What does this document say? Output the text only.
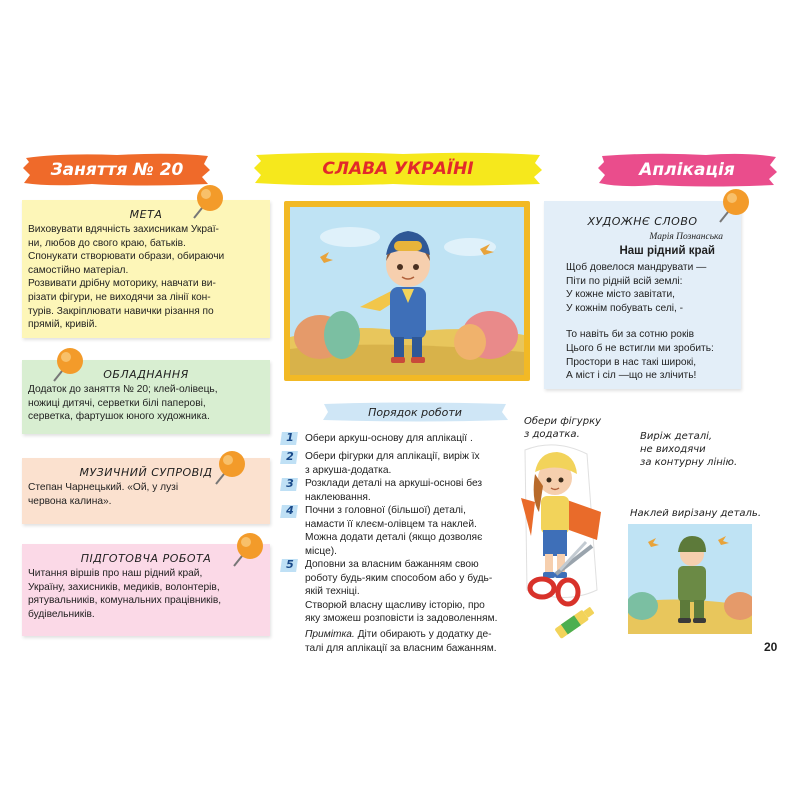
Заняття № 20	СЛАВА УКРАЇНІ	Аплікація
МЕТА
Виховувати вдячність захисникам Украї-
ни, любов до свого краю, батьків.
Спонукати створювати образи, обираючи
самостійно матеріал.
Розвивати дрібну моторику, навчати ви-
різати фігури, не виходячи за лінії кон-
турів. Закріплювати навички різання по
прямій, кривій.
ОБЛАДНАННЯ
Додаток до заняття № 20; клей-олівець,
ножиці дитячі, серветки білі паперові,
серветка, фартушок юного художника.
МУЗИЧНИЙ СУПРОВІД
Степан Чарнецький. «Ой, у лузі
червона калина».
ПІДГОТОВЧА РОБОТА
Читання віршів про наш рідний край,
Україну, захисників, медиків, волонтерів,
рятувальників, комунальних працівників,
будівельників.
ХУДОЖНЄ СЛОВО
Марія Познанська
Наш рідний край
Щоб довелося мандрувати —
Піти по рідній всій землі:
У кожне місто завітати,
У кожнім побувать селі, -
То навіть би за сотню років
Цього б не встигли ми зробить:
Простори в нас такі широкі,
А міст і сіл —що не злічить!
Порядок роботи
1	Обери аркуш-основу для аплікації .
2	Обери фігурки для аплікації, виріж їх
з аркуша-додатка.
3	Розклади деталі на аркуші-основі без
наклеювання.
4	Почни з головної (більшої) деталі,
намасти її клеєм-олівцем та наклей.
Можна додати деталі (якщо дозволяє
місце).
5	Доповни за власним бажанням свою
роботу будь-яким способом або у будь-
якій техніці.
Створюй власну щасливу історію, про
яку зможеш розповісти із задоволенням.
Примітка. Діти обирають у додатку де-
талі для аплікації за власним бажанням.
Обери фігурку
з додатка.	Виріж деталі,
не виходячи
за контурну лінію.
Наклей вирізану деталь.
20
